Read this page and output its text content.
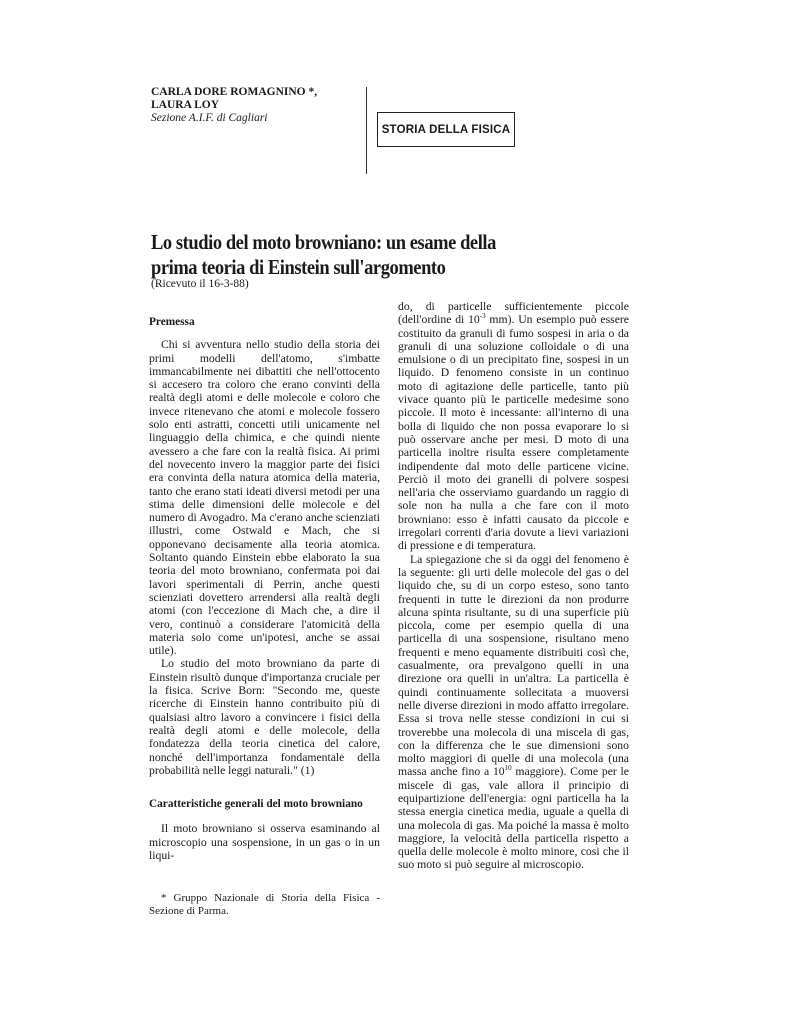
CARLA DORE ROMAGNINO *,
LAURA LOY
Sezione A.I.F. di Cagliari
STORIA DELLA FISICA
Lo studio del moto browniano: un esame della
prima teoria di Einstein sull'argomento
(Ricevuto il 16-3-88)

Premessa

Chi si avventura nello studio della storia dei primi modelli dell'atomo, s'imbatte immancabilmente nei dibattiti che nell'ottocento si accesero tra coloro che erano convinti della realtà degli atomi e delle molecole e coloro che invece ritenevano che atomi e molecole fossero solo enti astratti, concetti utili unicamente nel linguaggio della chimica, e che quindi niente avessero a che fare con la realtà fisica. Ai primi del novecento invero la maggior parte dei fisici era convinta della natura atomica della materia, tanto che erano stati ideati diversi metodi per una stima delle dimensioni delle molecole e del numero di Avogadro. Ma c'erano anche scienziati illustri, come Ostwald e Mach, che si opponevano decisamente alla teoria atomica. Soltanto quando Einstein ebbe elaborato la sua teoria del moto browniano, confermata poi dai lavori sperimentali di Perrin, anche questi scienziati dovettero arrendersi alla realtà degli atomi (con l'eccezione di Mach che, a dire il vero, continuò a considerare l'atomicità della materia solo come un'ipotesi, anche se assai utile).

Lo studio del moto browniano da parte di Einstein risultò dunque d'importanza cruciale per la fisica. Scrive Born: "Secondo me, queste ricerche di Einstein hanno contribuito più di qualsiasi altro lavoro a convincere i fisici della realtà degli atomi e delle molecole, della fondatezza della teoria cinetica del calore, nonché dell'importanza fondamentale della probabilità nelle leggi naturali." (1)

Caratteristiche generali del moto browniano

Il moto browniano si osserva esaminando al microscopio una sospensione, in un gas o in un liqui-

* Gruppo Nazionale di Storia della Fisica - Sezione di Parma.

do, di particelle sufficientemente piccole (dell'ordine di $10^{-3}$ mm). Un esempio può essere costituito da granuli di fumo sospesi in aria o da granuli di una soluzione colloidale o di una emulsione o di un precipitato fine, sospesi in un liquido. D fenomeno consiste in un continuo moto di agitazione delle particelle, tanto più vivace quanto più le particelle medesime sono piccole. Il moto è incessante: all'interno di una bolla di liquido che non possa evaporare lo si può osservare anche per mesi. D moto di una particella inoltre risulta essere completamente indipendente dal moto delle particene vicine. Perciò il moto dei granelli di polvere sospesi nell'aria che osserviamo guardando un raggio di sole non ha nulla a che fare con il moto browniano: esso è infatti causato da piccole e irregolari correnti d'aria dovute a lievi variazioni di pressione e di temperatura.

La spiegazione che si da oggi del fenomeno è la seguente: gli urti delle molecole del gas o del liquido che, su di un corpo esteso, sono tanto frequenti in tutte le direzioni da non produrre alcuna spinta risultante, su di una superficie più piccola, come per esempio quella di una particella di una sospensione, risultano meno frequenti e meno equamente distribuiti così che, casualmente, ora prevalgono quelli in una direzione ora quelli in un'altra. La particella è quindi continuamente sollecitata a muoversi nelle diverse direzioni in modo affatto irregolare. Essa si trova nelle stesse condizioni in cui si troverebbe una molecola di una miscela di gas, con la differenza che le sue dimensioni sono molto maggiori di quelle di una molecola (una massa anche fino a $10^{10}$ maggiore). Come per le miscele di gas, vale allora il principio di equipartizione dell'energia: ogni particella ha la stessa energia cinetica media, uguale a quella di una molecola di gas. Ma poiché la massa è molto maggiore, la velocità della particella rispetto a quella delle molecole è molto minore, cosi che il suo moto si può seguire al microscopio.
